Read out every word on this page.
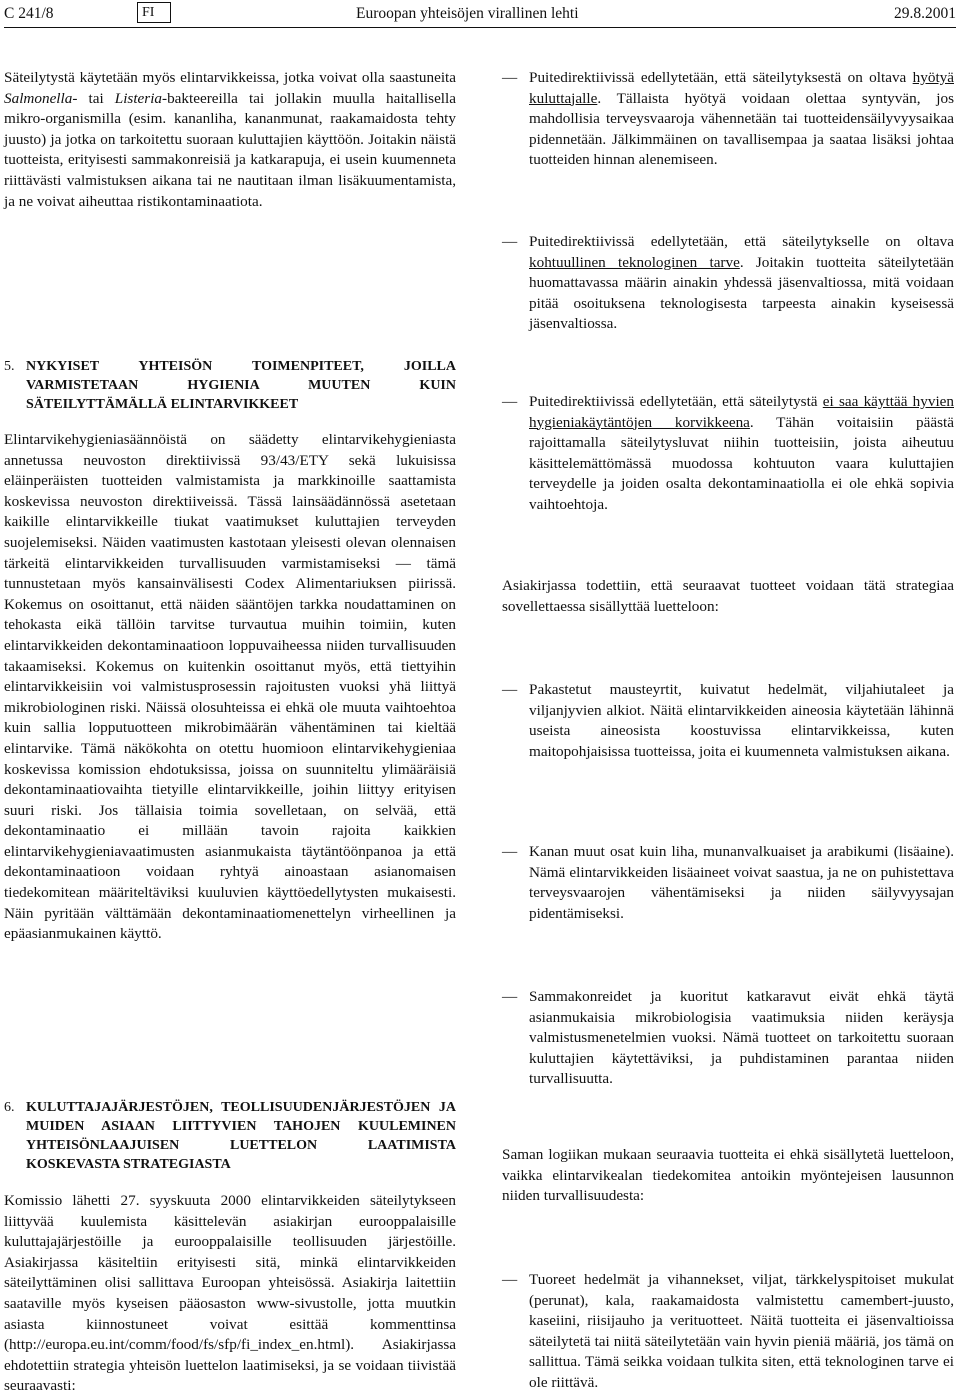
C 241/8	FI	Euroopan yhteisöjen virallinen lehti	29.8.2001

Säteilytystä käytetään myös elintarvikkeissa, jotka voivat olla saastuneita Salmonella- tai Listeria-bakteereilla tai jollakin muulla haitallisella mikro-organismilla (esim. kananliha, kananmunat, raakamaidosta tehty juusto) ja jotka on tarkoitettu suoraan kuluttajien käyttöön. Joitakin näistä tuotteista, erityisesti sammakonreisiä ja katkarapuja, ei usein kuumenneta riittävästi valmistuksen aikana tai ne nautitaan ilman lisäkuumentamista, ja ne voivat aiheuttaa ristikontaminaatiota.

5. NYKYISET YHTEISÖN TOIMENPITEET, JOILLA VARMISTETAAN HYGIENIA MUUTEN KUIN SÄTEILYTTÄMÄLLÄ ELINTARVIKKEET

Elintarvikehygieniasäännöistä on säädetty elintarvikehygieniasta annetussa neuvoston direktiivissä 93/43/ETY sekä lukuisissa eläinperäisten tuotteiden valmistamista ja markkinoille saattamista koskevissa neuvoston direktiiveissä. Tässä lainsäädännössä asetetaan kaikille elintarvikkeille tiukat vaatimukset kuluttajien terveyden suojelemiseksi. Näiden vaatimusten kastotaan yleisesti olevan olennaisen tärkeitä elintarvikkeiden turvallisuuden varmistamiseksi — tämä tunnustetaan myös kansainvälisesti Codex Alimentariuksen piirissä. Kokemus on osoittanut, että näiden sääntöjen tarkka noudattaminen on tehokasta eikä tällöin tarvitse turvautua muihin toimiin, kuten elintarvikkeiden dekontaminaatioon loppuvaiheessa niiden turvallisuuden takaamiseksi. Kokemus on kuitenkin osoittanut myös, että tiettyihin elintarvikkeisiin voi valmistusprosessin rajoitusten vuoksi yhä liittyä mikrobiologinen riski. Näissä olosuhteissa ei ehkä ole muuta vaihtoehtoa kuin sallia lopputuotteen mikrobimäärän vähentäminen tai kieltää elintarvike. Tämä näkökohta on otettu huomioon elintarvikehygieniaa koskevissa komission ehdotuksissa, joissa on suunniteltu ylimääräisiä dekontaminaatiovaihta tietyille elintarvikkeille, joihin liittyy erityisen suuri riski. Jos tällaisia toimia sovelletaan, on selvää, että dekontaminaatio ei millään tavoin rajoita kaikkien elintarvikehygieniavaatimusten asianmukaista täytäntöönpanoa ja että dekontaminaatioon voidaan ryhtyä ainoastaan asianomaisen tiedekomitean määriteltäviksi kuuluvien käyttöedellytysten mukaisesti. Näin pyritään välttämään dekontaminaatiomenettelyn virheellinen ja epäasianmukainen käyttö.

6. KULUTTAJAJÄRJESTÖJEN, TEOLLISUUDENJÄRJESTÖJEN JA MUIDEN ASIAAN LIITTYVIEN TAHOJEN KUULEMINEN YHTEISÖNLAAJUISEN LUETTELON LAATIMISTA KOSKEVASTA STRATEGIASTA

Komissio lähetti 27. syyskuuta 2000 elintarvikkeiden säteilytykseen liittyvää kuulemista käsittelevän asiakirjan eurooppalaisille kuluttajajärjestöille ja eurooppalaisille teollisuuden järjestöille. Asiakirjassa käsiteltiin erityisesti sitä, minkä elintarvikkeiden säteilyttäminen olisi sallittava Euroopan yhteisössä. Asiakirja laitettiin saataville myös kyseisen pääosaston www-sivustolle, jotta muutkin asiasta kiinnostuneet voivat esittää kommenttinsa (http://europa.eu.int/comm/food/fs/sfp/fi_index_en.html). Asiakirjassa ehdotettiin strategia yhteisön luettelon laatimiseksi, ja se voidaan tiivistää seuraavasti:

— Puitedirektiivissä edellytetään, että säteilytyksestä on oltava hyötyä kuluttajalle. Tällaista hyötyä voidaan olettaa syntyvän, jos mahdollisia terveysvaaroja vähennetään tai tuotteidensäilyvyysaikaa pidennetään. Jälkimmäinen on tavallisempaa ja saataa lisäksi johtaa tuotteiden hinnan alenemiseen.

— Puitedirektiivissä edellytetään, että säteilytykselle on oltava kohtuullinen teknologinen tarve. Joitakin tuotteita säteilytetään huomattavassa määrin ainakin yhdessä jäsenvaltiossa, mitä voidaan pitää osoituksena teknologisesta tarpeesta ainakin kyseisessä jäsenvaltiossa.

— Puitedirektiivissä edellytetään, että säteilytystä ei saa käyttää hyvien hygieniakäytäntöjen korvikkeena. Tähän voitaisiin päästä rajoittamalla säteilytysluvat niihin tuotteisiin, joista aiheutuu käsittelemättömässä muodossa kohtuuton vaara kuluttajien terveydelle ja joiden osalta dekontaminaatiolla ei ole ehkä sopivia vaihtoehtoja.

Asiakirjassa todettiin, että seuraavat tuotteet voidaan tätä strategiaa sovellettaessa sisällyttää luetteloon:

— Pakastetut mausteyrtit, kuivatut hedelmät, viljahiutaleet ja viljanjyvien alkiot. Näitä elintarvikkeiden aineosia käytetään lähinnä useista aineosista koostuvissa elintarvikkeissa, kuten maitopohjaisissa tuotteissa, joita ei kuumenneta valmistuksen aikana.

— Kanan muut osat kuin liha, munanvalkuaiset ja arabikumi (lisäaine). Nämä elintarvikkeiden lisäaineet voivat saastua, ja ne on puhistettava terveysvaarojen vähentämiseksi ja niiden säilyvyysajan pidentämiseksi.

— Sammakonreidet ja kuoritut katkaravut eivät ehkä täytä asianmukaisia mikrobiologisia vaatimuksia niiden keräysja valmistusmenetelmien vuoksi. Nämä tuotteet on tarkoitettu suoraan kuluttajien käytettäviksi, ja puhdistaminen parantaa niiden turvallisuutta.

Saman logiikan mukaan seuraavia tuotteita ei ehkä sisällytetä luetteloon, vaikka elintarvikealan tiedekomitea antoikin myöntejeisen lausunnon niiden turvallisuudesta:

— Tuoreet hedelmät ja vihannekset, viljat, tärkkelyspitoiset mukulat (perunat), kala, raakamaidosta valmistettu camembert-juusto, kaseiini, riisijauho ja verituotteet. Näitä tuotteita ei jäsenvaltioissa säteilytetä tai niitä säteilytetään vain hyvin pieniä määriä, jos tämä on sallittua. Tämä seikka voidaan tulkita siten, että teknologinen tarve ei ole riittävä.
